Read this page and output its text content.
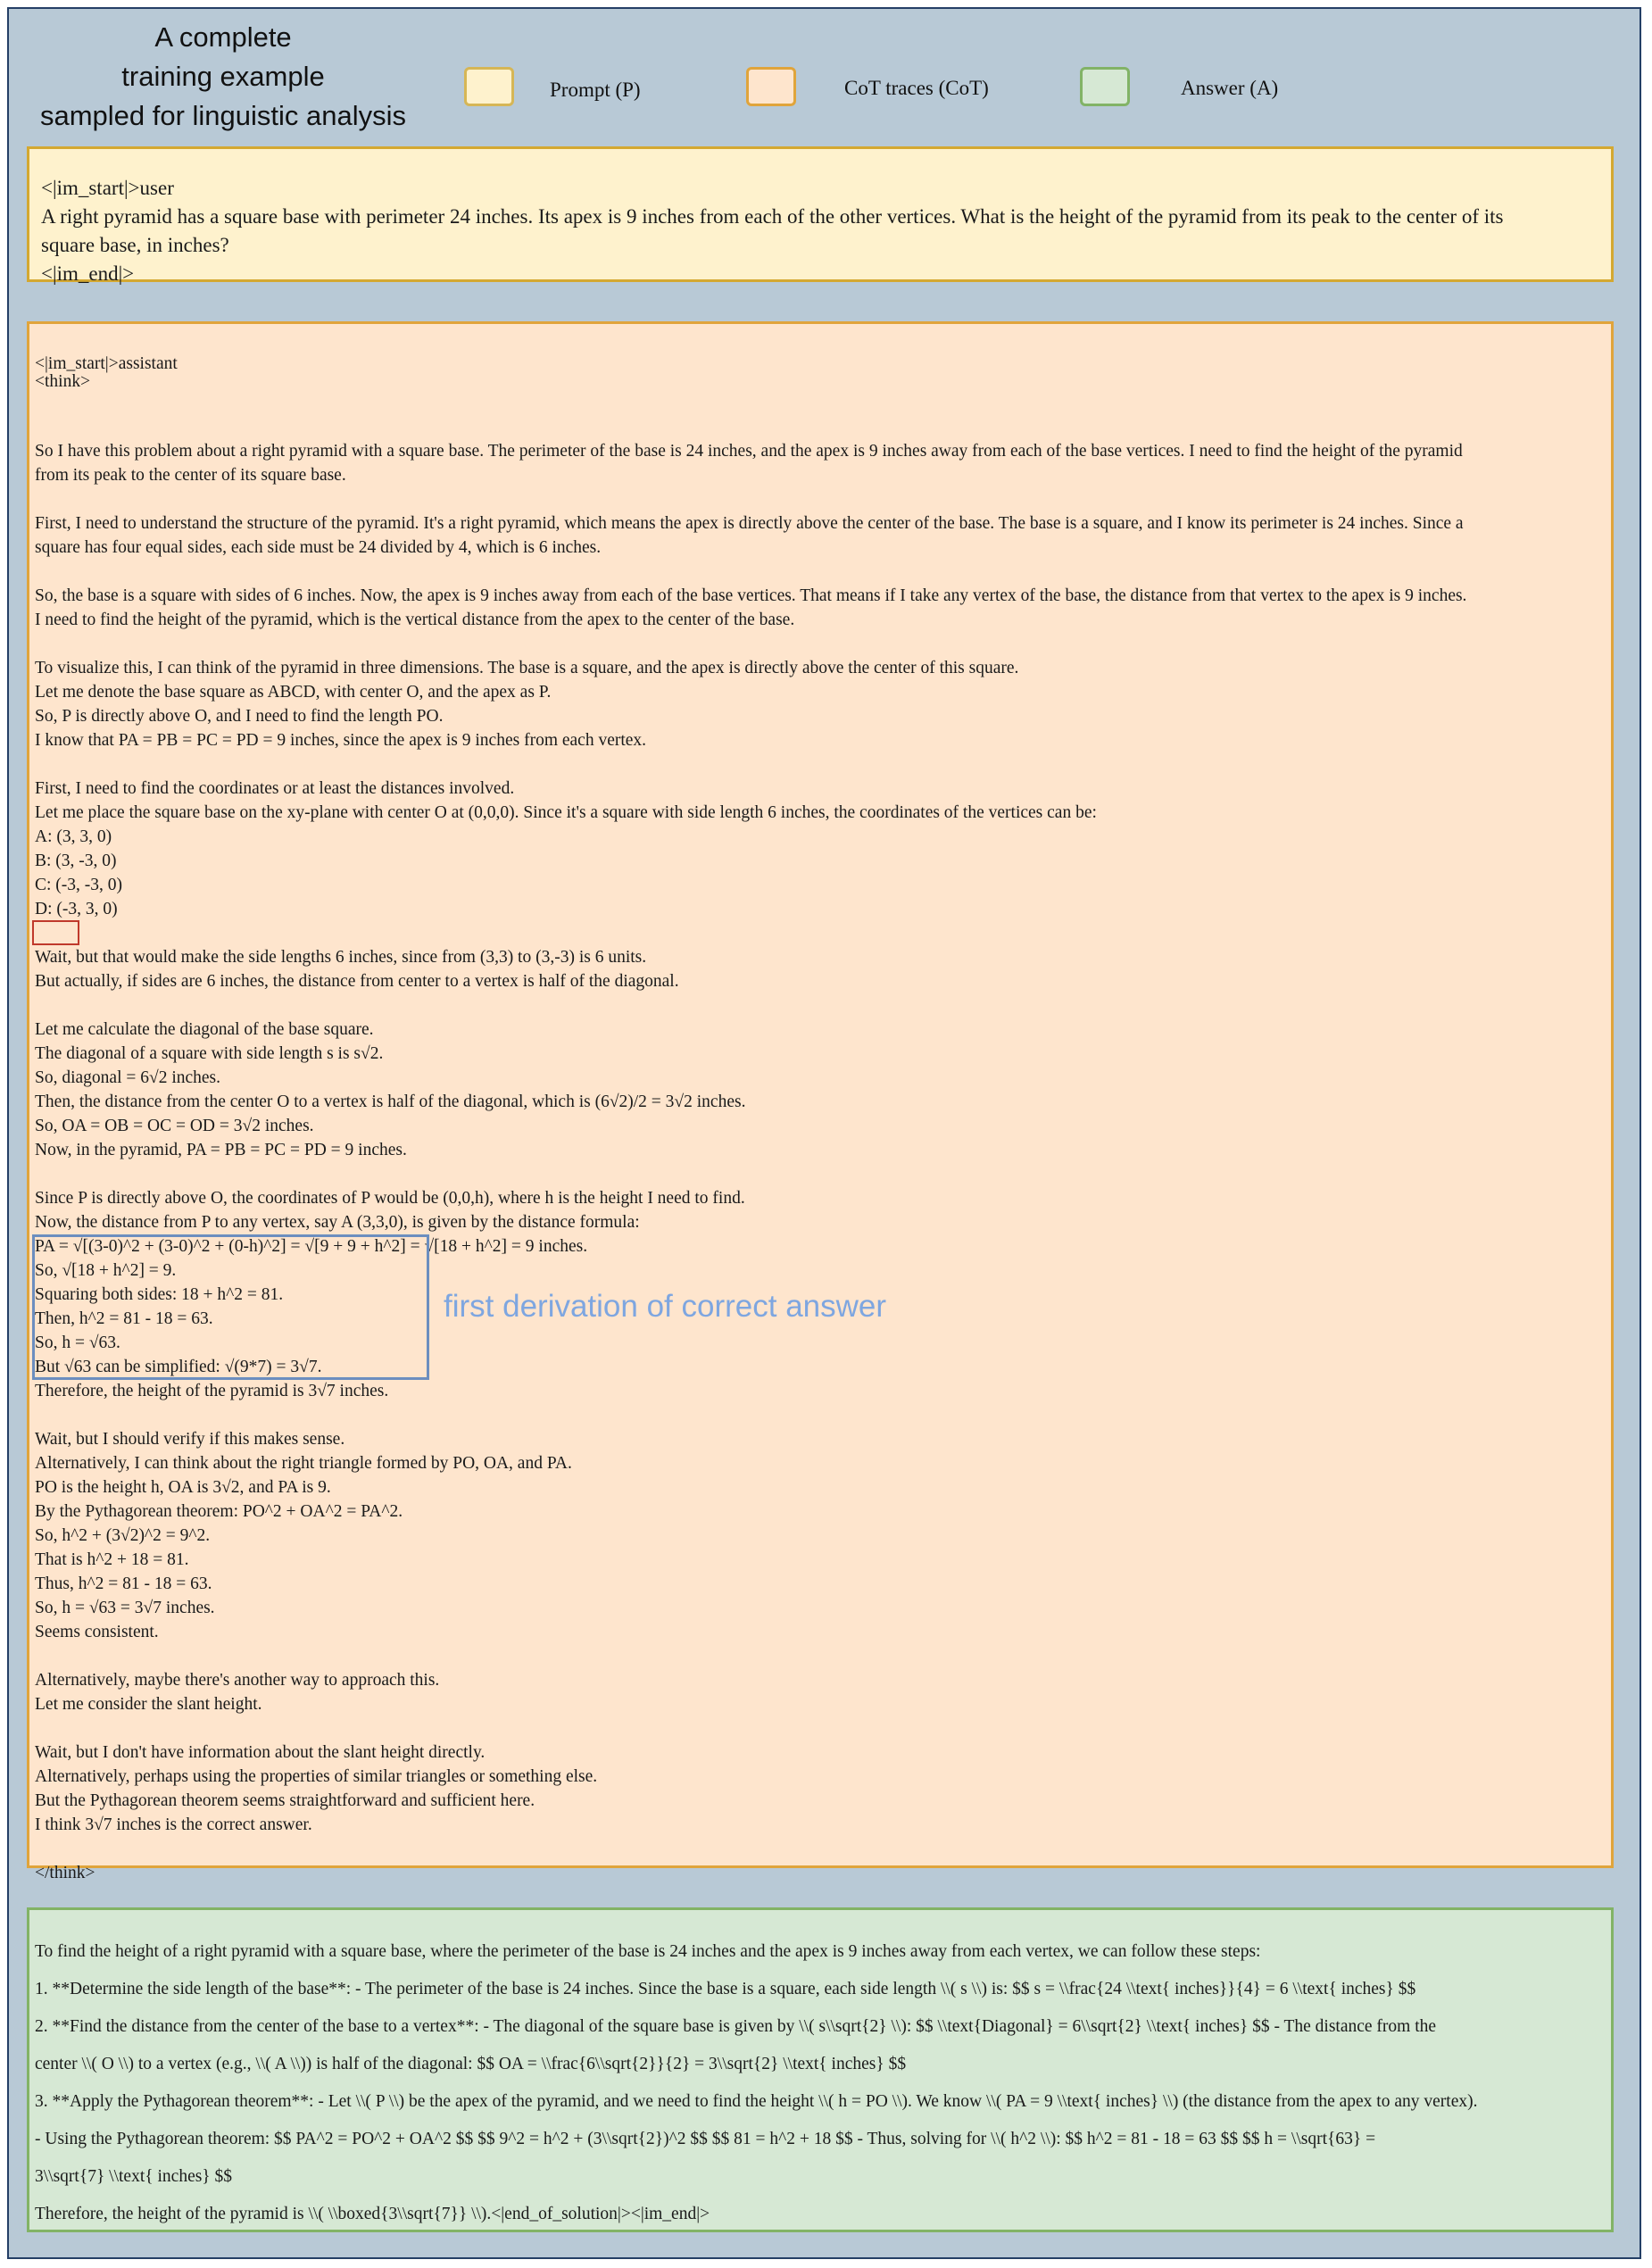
A complete
training example
sampled for linguistic analysis
Prompt (P)	CoT traces (CoT)	Answer (A)
<|im_start|>user
A right pyramid has a square base with perimeter 24 inches. Its apex is 9 inches from each of the other vertices. What is the height of the pyramid from its peak to the center of its
square base, in inches?
<|im_end|>
<|im_start|>assistant
<think>
So I have this problem about a right pyramid with a square base. The perimeter of the base is 24 inches, and the apex is 9 inches away from each of the base vertices. I need to find the height of the pyramid
from its peak to the center of its square base.
First, I need to understand the structure of the pyramid. It's a right pyramid, which means the apex is directly above the center of the base. The base is a square, and I know its perimeter is 24 inches. Since a
square has four equal sides, each side must be 24 divided by 4, which is 6 inches.
So, the base is a square with sides of 6 inches. Now, the apex is 9 inches away from each of the base vertices. That means if I take any vertex of the base, the distance from that vertex to the apex is 9 inches.
I need to find the height of the pyramid, which is the vertical distance from the apex to the center of the base.
To visualize this, I can think of the pyramid in three dimensions. The base is a square, and the apex is directly above the center of this square.
Let me denote the base square as ABCD, with center O, and the apex as P.
So, P is directly above O, and I need to find the length PO.
I know that PA = PB = PC = PD = 9 inches, since the apex is 9 inches from each vertex.
First, I need to find the coordinates or at least the distances involved.
Let me place the square base on the xy-plane with center O at (0,0,0). Since it's a square with side length 6 inches, the coordinates of the vertices can be:
A: (3, 3, 0)
B: (3, -3, 0)
C: (-3, -3, 0)
D: (-3, 3, 0)
Wait, but that would make the side lengths 6 inches, since from (3,3) to (3,-3) is 6 units.
But actually, if sides are 6 inches, the distance from center to a vertex is half of the diagonal.
Let me calculate the diagonal of the base square.
The diagonal of a square with side length s is s√2.
So, diagonal = 6√2 inches.
Then, the distance from the center O to a vertex is half of the diagonal, which is (6√2)/2 = 3√2 inches.
So, OA = OB = OC = OD = 3√2 inches.
Now, in the pyramid, PA = PB = PC = PD = 9 inches.
Since P is directly above O, the coordinates of P would be (0,0,h), where h is the height I need to find.
Now, the distance from P to any vertex, say A (3,3,0), is given by the distance formula:
PA = √[(3-0)^2 + (3-0)^2 + (0-h)^2] = √[9 + 9 + h^2] = √[18 + h^2] = 9 inches.
So, √[18 + h^2] = 9.
Squaring both sides: 18 + h^2 = 81.
Then, h^2 = 81 - 18 = 63.
So, h = √63.
But √63 can be simplified: √(9*7) = 3√7.
Therefore, the height of the pyramid is 3√7 inches.
Wait, but I should verify if this makes sense.
Alternatively, I can think about the right triangle formed by PO, OA, and PA.
PO is the height h, OA is 3√2, and PA is 9.
By the Pythagorean theorem: PO^2 + OA^2 = PA^2.
So, h^2 + (3√2)^2 = 9^2.
That is h^2 + 18 = 81.
Thus, h^2 = 81 - 18 = 63.
So, h = √63 = 3√7 inches.
Seems consistent.
Alternatively, maybe there's another way to approach this.
Let me consider the slant height.
Wait, but I don't have information about the slant height directly.
Alternatively, perhaps using the properties of similar triangles or something else.
But the Pythagorean theorem seems straightforward and sufficient here.
I think 3√7 inches is the correct answer.
</think>
first derivation of correct answer
To find the height of a right pyramid with a square base, where the perimeter of the base is 24 inches and the apex is 9 inches away from each vertex, we can follow these steps:
1. **Determine the side length of the base**: - The perimeter of the base is 24 inches. Since the base is a square, each side length \\( s \\) is: $$ s = \\frac{24 \\text{ inches}}{4} = 6 \\text{ inches} $$
2. **Find the distance from the center of the base to a vertex**: - The diagonal of the square base is given by \\( s\\sqrt{2} \\): $$ \\text{Diagonal} = 6\\sqrt{2} \\text{ inches} $$ - The distance from the
center \\( O \\) to a vertex (e.g., \\( A \\)) is half of the diagonal: $$ OA = \\frac{6\\sqrt{2}}{2} = 3\\sqrt{2} \\text{ inches} $$
3. **Apply the Pythagorean theorem**: - Let \\( P \\) be the apex of the pyramid, and we need to find the height \\( h = PO \\). We know \\( PA = 9 \\text{ inches} \\) (the distance from the apex to any vertex).
- Using the Pythagorean theorem: $$ PA^2 = PO^2 + OA^2 $$ $$ 9^2 = h^2 + (3\\sqrt{2})^2 $$ $$ 81 = h^2 + 18 $$ - Thus, solving for \\( h^2 \\): $$ h^2 = 81 - 18 = 63 $$ $$ h = \\sqrt{63} =
3\\sqrt{7} \\text{ inches} $$
Therefore, the height of the pyramid is \\( \\boxed{3\\sqrt{7}} \\).<|end_of_solution|><|im_end|>
